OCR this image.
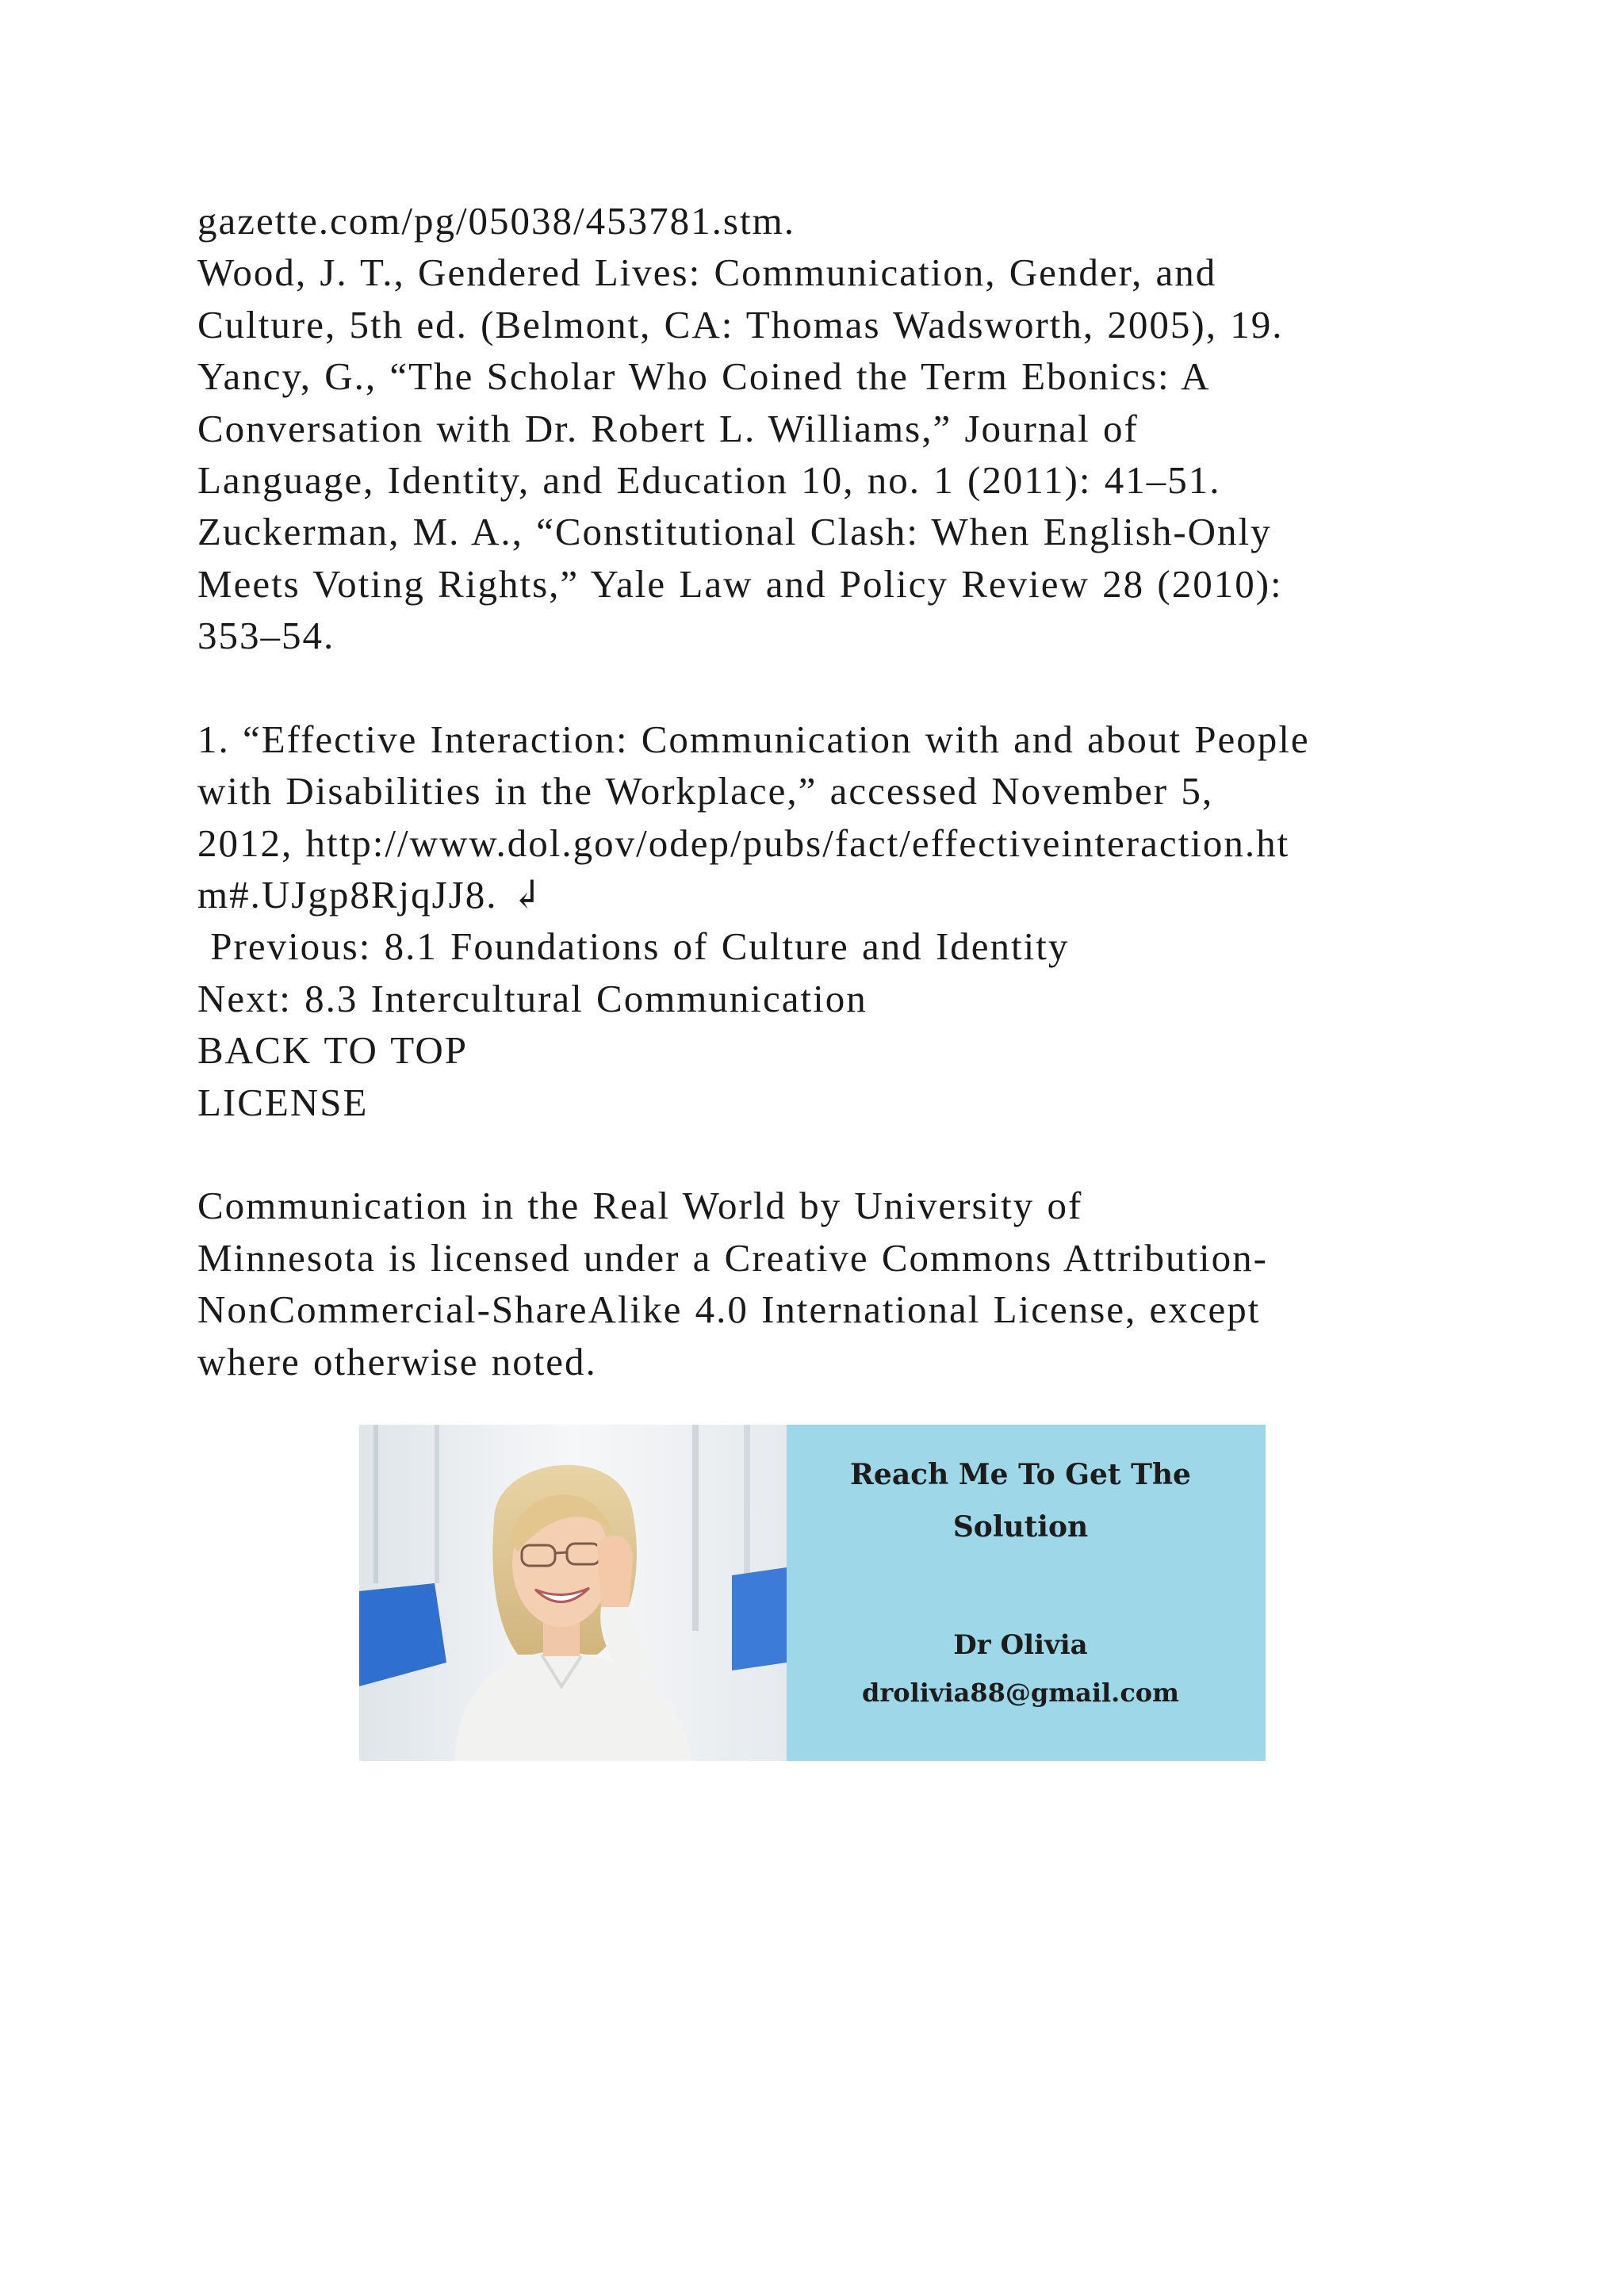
gazette.com/pg/05038/453781.stm.
Wood, J. T., Gendered Lives: Communication, Gender, and
Culture, 5th ed. (Belmont, CA: Thomas Wadsworth, 2005), 19.
Yancy, G., “The Scholar Who Coined the Term Ebonics: A
Conversation with Dr. Robert L. Williams,” Journal of
Language, Identity, and Education 10, no. 1 (2011): 41–51.
Zuckerman, M. A., “Constitutional Clash: When English-Only
Meets Voting Rights,” Yale Law and Policy Review 28 (2010):
353–54.
1. “Effective Interaction: Communication with and about People
with Disabilities in the Workplace,” accessed November 5,
2012, http://www.dol.gov/odep/pubs/fact/effectiveinteraction.ht
m#.UJgp8RjqJJ8. ↲
Previous: 8.1 Foundations of Culture and Identity
Next: 8.3 Intercultural Communication
BACK TO TOP
LICENSE
Communication in the Real World by University of
Minnesota is licensed under a Creative Commons Attribution-
NonCommercial-ShareAlike 4.0 International License, except
where otherwise noted.
Reach Me To Get The
Solution
Dr Olivia
drolivia88@gmail.com
